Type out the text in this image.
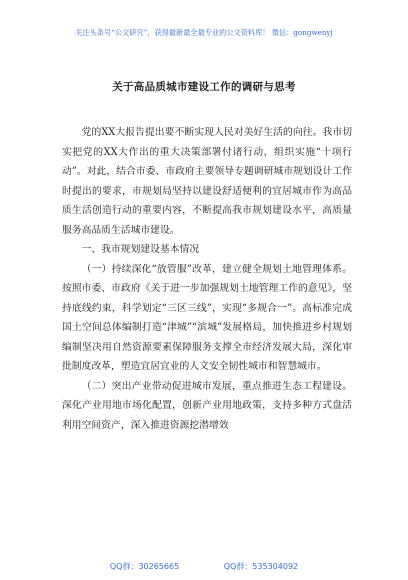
关注头条号“公文研究”，获得最新最全最专业的公文资料库！ 微信：gongwenyj
关于高品质城市建设工作的调研与思考

党的XX大报告提出要不断实现人民对美好生活的向往。我市切实把党的XX大作出的重大决策部署付诸行动，组织实施“十项行动”。对此，结合市委、市政府主要领导专题调研城市规划设计工作时提出的要求，市规划局坚持以建设舒适便利的宜居城市作为高品质生活创造行动的重要内容，不断提高我市规划建设水平，高质量服务高品质生活城市建设。

一、我市规划建设基本情况

（一）持续深化“放管服”改革，建立健全规划土地管理体系。按照市委、市政府《关于进一步加强规划土地管理工作的意见》，坚持底线约束，科学划定“三区三线”，实现“多规合一”。高标准完成国土空间总体编制打造“津城”“滨城”发展格局，加快推进乡村规划编制坚决用自然资源要素保障服务支撑全市经济发展大局，深化审批制度改革，塑造宜居宜业的人文安全韧性城市和智慧城市。

（二）突出产业带动促进城市发展，重点推进生态工程建设。深化产业用地市场化配置，创新产业用地政策，支持多种方式盘活利用空间资产，深入推进资源挖潜增效

QQ群：30265665	QQ群：535304092
